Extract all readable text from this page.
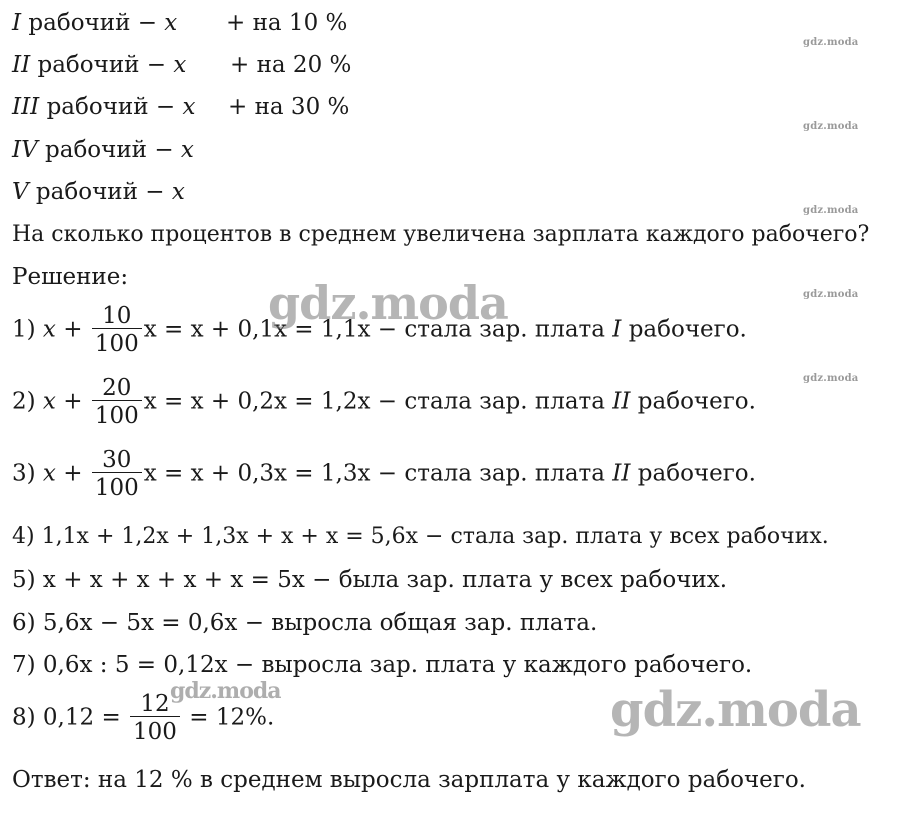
I рабочий − x + на 10 %
II рабочий − x + на 20 %
III рабочий − x + на 30 %
IV рабочий − x
V рабочий − x
На сколько процентов в среднем увеличена зарплата каждого рабочего?
Решение:
1) $x + \frac{10}{100}$ x = x + 0,1x = 1,1x − стала зар. плата I рабочего.
2) $x + \frac{20}{100}$ x = x + 0,2x = 1,2x − стала зар. плата II рабочего.
3) $x + \frac{30}{100}$ x = x + 0,3x = 1,3x − стала зар. плата II рабочего.
4) 1,1x + 1,2x + 1,3x + x + x = 5,6x − стала зар. плата у всех рабочих.
5) x + x + x + x + x = 5x − была зар. плата у всех рабочих.
6) 5,6x − 5x = 0,6x − выросла общая зар. плата.
7) 0,6x : 5 = 0,12x − выросла зар. плата у каждого рабочего.
8) $0,12 = \frac{12}{100} = 12\%$.
Ответ: на 12 % в среднем выросла зарплата у каждого рабочего.
gdz.moda
gdz.moda
gdz.moda
gdz.moda
gdz.moda
gdz.moda
gdz.moda	gdz.moda
